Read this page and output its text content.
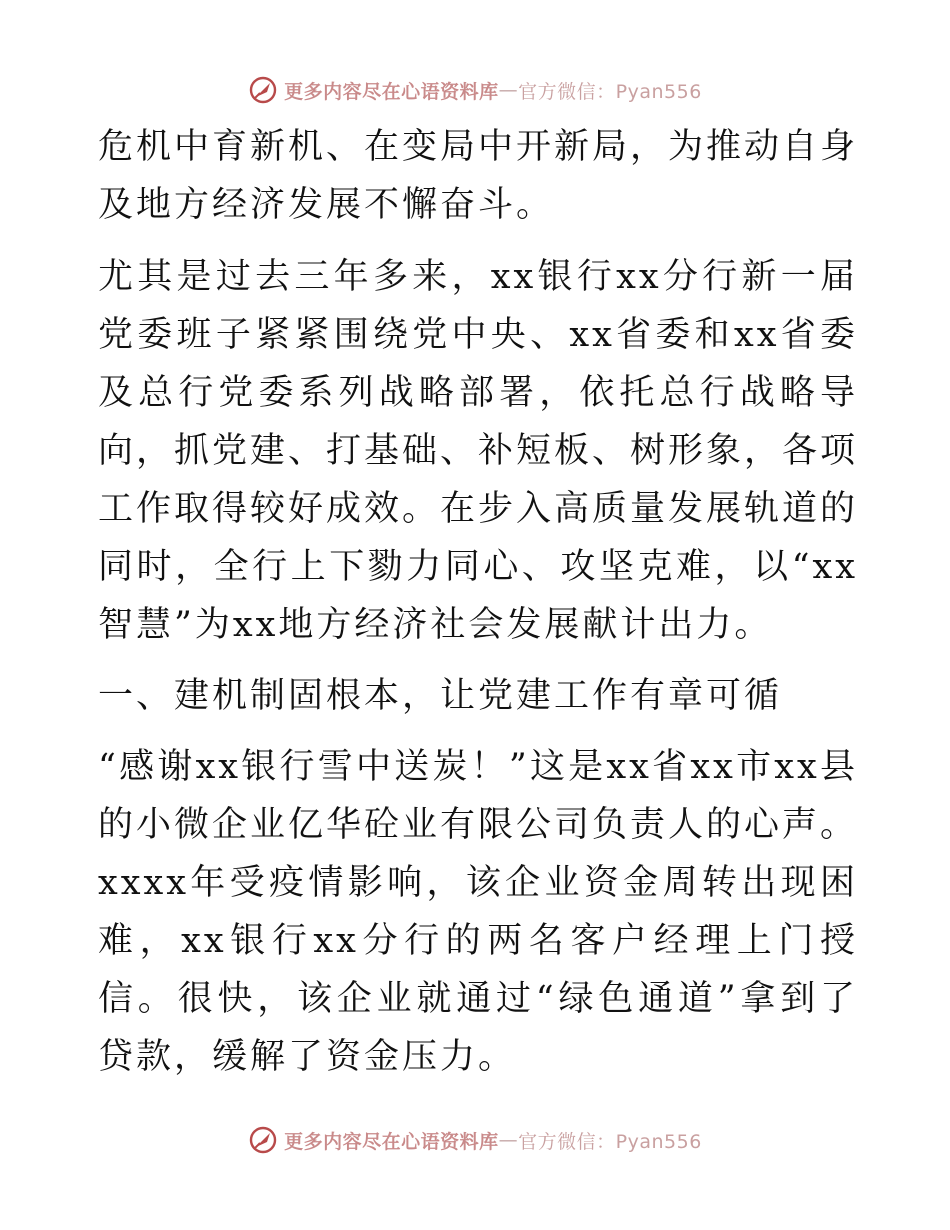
更多内容尽在心语资料库 — 官方微信：Pyan556

危机中育新机、在变局中开新局，为推动自身及地方经济发展不懈奋斗。

尤其是过去三年多来，xx银行xx分行新一届党委班子紧紧围绕党中央、xx省委和xx省委及总行党委系列战略部署，依托总行战略导向，抓党建、打基础、补短板、树形象，各项工作取得较好成效。在步入高质量发展轨道的同时，全行上下勠力同心、攻坚克难，以“xx智慧”为xx地方经济社会发展献计出力。

一、建机制固根本，让党建工作有章可循

“感谢xx银行雪中送炭！”这是xx省xx市xx县的小微企业亿华砼业有限公司负责人的心声。xxxx年受疫情影响，该企业资金周转出现困难，xx银行xx分行的两名客户经理上门授信。很快，该企业就通过“绿色通道”拿到了贷款，缓解了资金压力。

更多内容尽在心语资料库 — 官方微信：Pyan556
